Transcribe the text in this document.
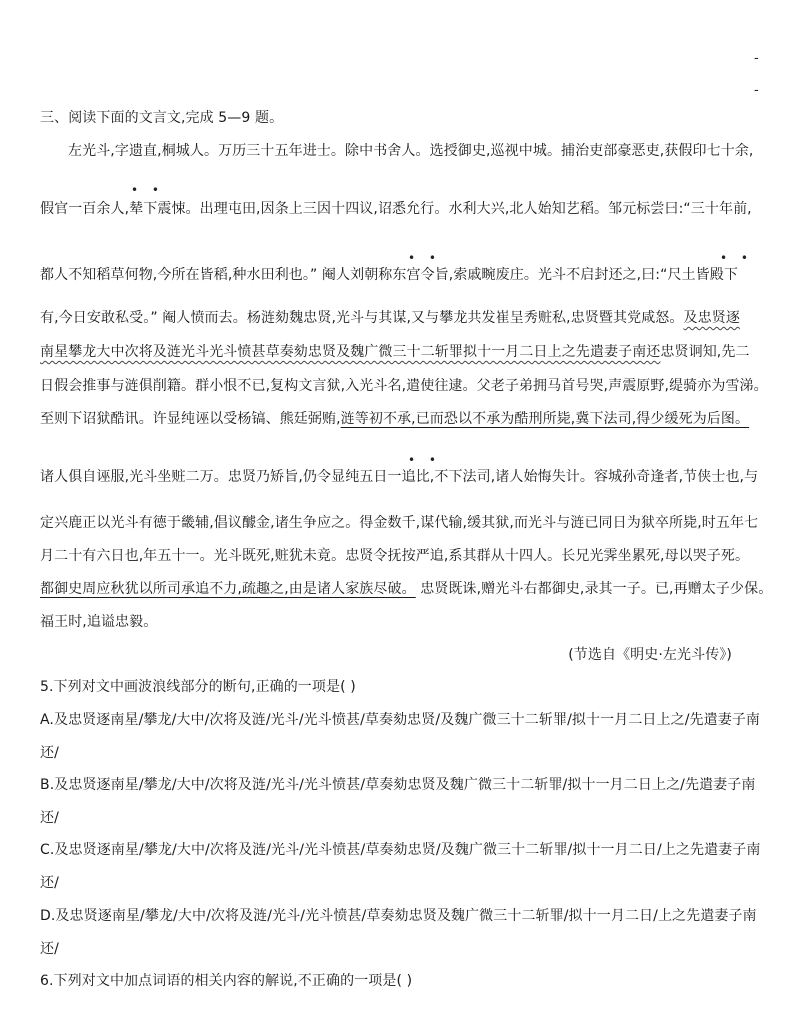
-
-
三、阅读下面的文言文,完成 5—9 题。
左光斗,字遗直,桐城人。万历三十五年进士。除中书舍人。选授御史,巡视中城。捕治吏部豪恶吏,获假印七十余,
• •
假官一百余人,辇下震悚。出理屯田,因条上三因十四议,诏悉允行。水利大兴,北人始知艺稻。邹元标尝曰:“三十年前,
• •	• •
都人不知稻草何物,今所在皆稻,种水田利也。” 阉人刘朝称东宫令旨,索戚畹废庄。光斗不启封还之,曰:“尺土皆殿下
有,今日安敢私受。” 阉人愤而去。杨涟劾魏忠贤,光斗与其谋,又与攀龙共发崔呈秀赃私,忠贤暨其党咸怒。及忠贤逐
南星攀龙大中次将及涟光斗光斗愤甚草奏劾忠贤及魏广微三十二斩罪拟十一月二日上之先遣妻子南还忠贤诇知,先二
日假会推事与涟俱削籍。群小恨不已,复构文言狱,入光斗名,遣使往逮。父老子弟拥马首号哭,声震原野,缇骑亦为雪涕。
至则下诏狱酷讯。许显纯诬以受杨镐、熊廷弼贿,涟等初不承,已而恐以不承为酷刑所毙,冀下法司,得少缓死为后图。
• •
诸人俱自诬服,光斗坐赃二万。忠贤乃矫旨,仍令显纯五日一追比,不下法司,诸人始悔失计。容城孙奇逢者,节侠士也,与
定兴鹿正以光斗有德于畿辅,倡议醵金,诸生争应之。得金数千,谋代输,缓其狱,而光斗与涟已同日为狱卒所毙,时五年七
月二十有六日也,年五十一。光斗既死,赃犹未竟。忠贤令抚按严追,系其群从十四人。长兄光霁坐累死,母以哭子死。
都御史周应秋犹以所司承追不力,疏趣之,由是诸人家族尽破。 忠贤既诛,赠光斗右都御史,录其一子。已,再赠太子少保。
福王时,追谥忠毅。
(节选自《明史·左光斗传》)
5.下列对文中画波浪线部分的断句,正确的一项是( )
A.及忠贤逐南星/攀龙/大中/次将及涟/光斗/光斗愤甚/草奏劾忠贤/及魏广微三十二斩罪/拟十一月二日上之/先遣妻子南
还/
B.及忠贤逐南星/攀龙/大中/次将及涟/光斗/光斗愤甚/草奏劾忠贤及魏广微三十二斩罪/拟十一月二日上之/先遣妻子南
还/
C.及忠贤逐南星/攀龙/大中/次将及涟/光斗/光斗愤甚/草奏劾忠贤/及魏广微三十二斩罪/拟十一月二日/上之先遣妻子南
还/
D.及忠贤逐南星/攀龙/大中/次将及涟/光斗/光斗愤甚/草奏劾忠贤及魏广微三十二斩罪/拟十一月二日/上之先遣妻子南
还/
6.下列对文中加点词语的相关内容的解说,不正确的一项是( )
